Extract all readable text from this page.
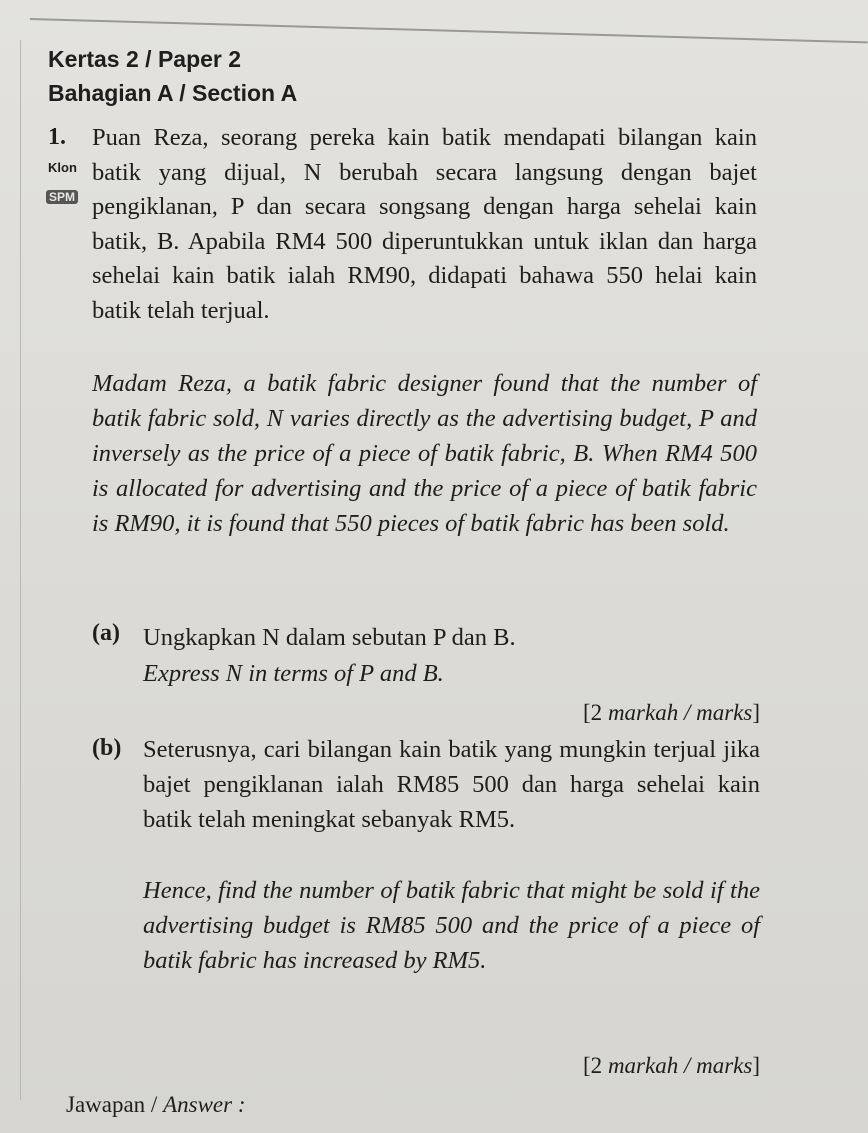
Kertas 2 / Paper 2
Bahagian A / Section A
1.
Klon
SPM

Puan Reza, seorang pereka kain batik mendapati bilangan kain batik yang dijual, N berubah secara langsung dengan bajet pengiklanan, P dan secara songsang dengan harga sehelai kain batik, B. Apabila RM4 500 diperuntukkan untuk iklan dan harga sehelai kain batik ialah RM90, didapati bahawa 550 helai kain batik telah terjual.

Madam Reza, a batik fabric designer found that the number of batik fabric sold, N varies directly as the advertising budget, P and inversely as the price of a piece of batik fabric, B. When RM4 500 is allocated for advertising and the price of a piece of batik fabric is RM90, it is found that 550 pieces of batik fabric has been sold.

(a) Ungkapkan N dalam sebutan P dan B.

Express N in terms of P and B.

[2 markah / marks]
(b) Seterusnya, cari bilangan kain batik yang mungkin terjual jika bajet pengiklanan ialah RM85 500 dan harga sehelai kain batik telah meningkat sebanyak RM5.

Hence, find the number of batik fabric that might be sold if the advertising budget is RM85 500 and the price of a piece of batik fabric has increased by RM5.

[2 markah / marks]
Jawapan / Answer :
